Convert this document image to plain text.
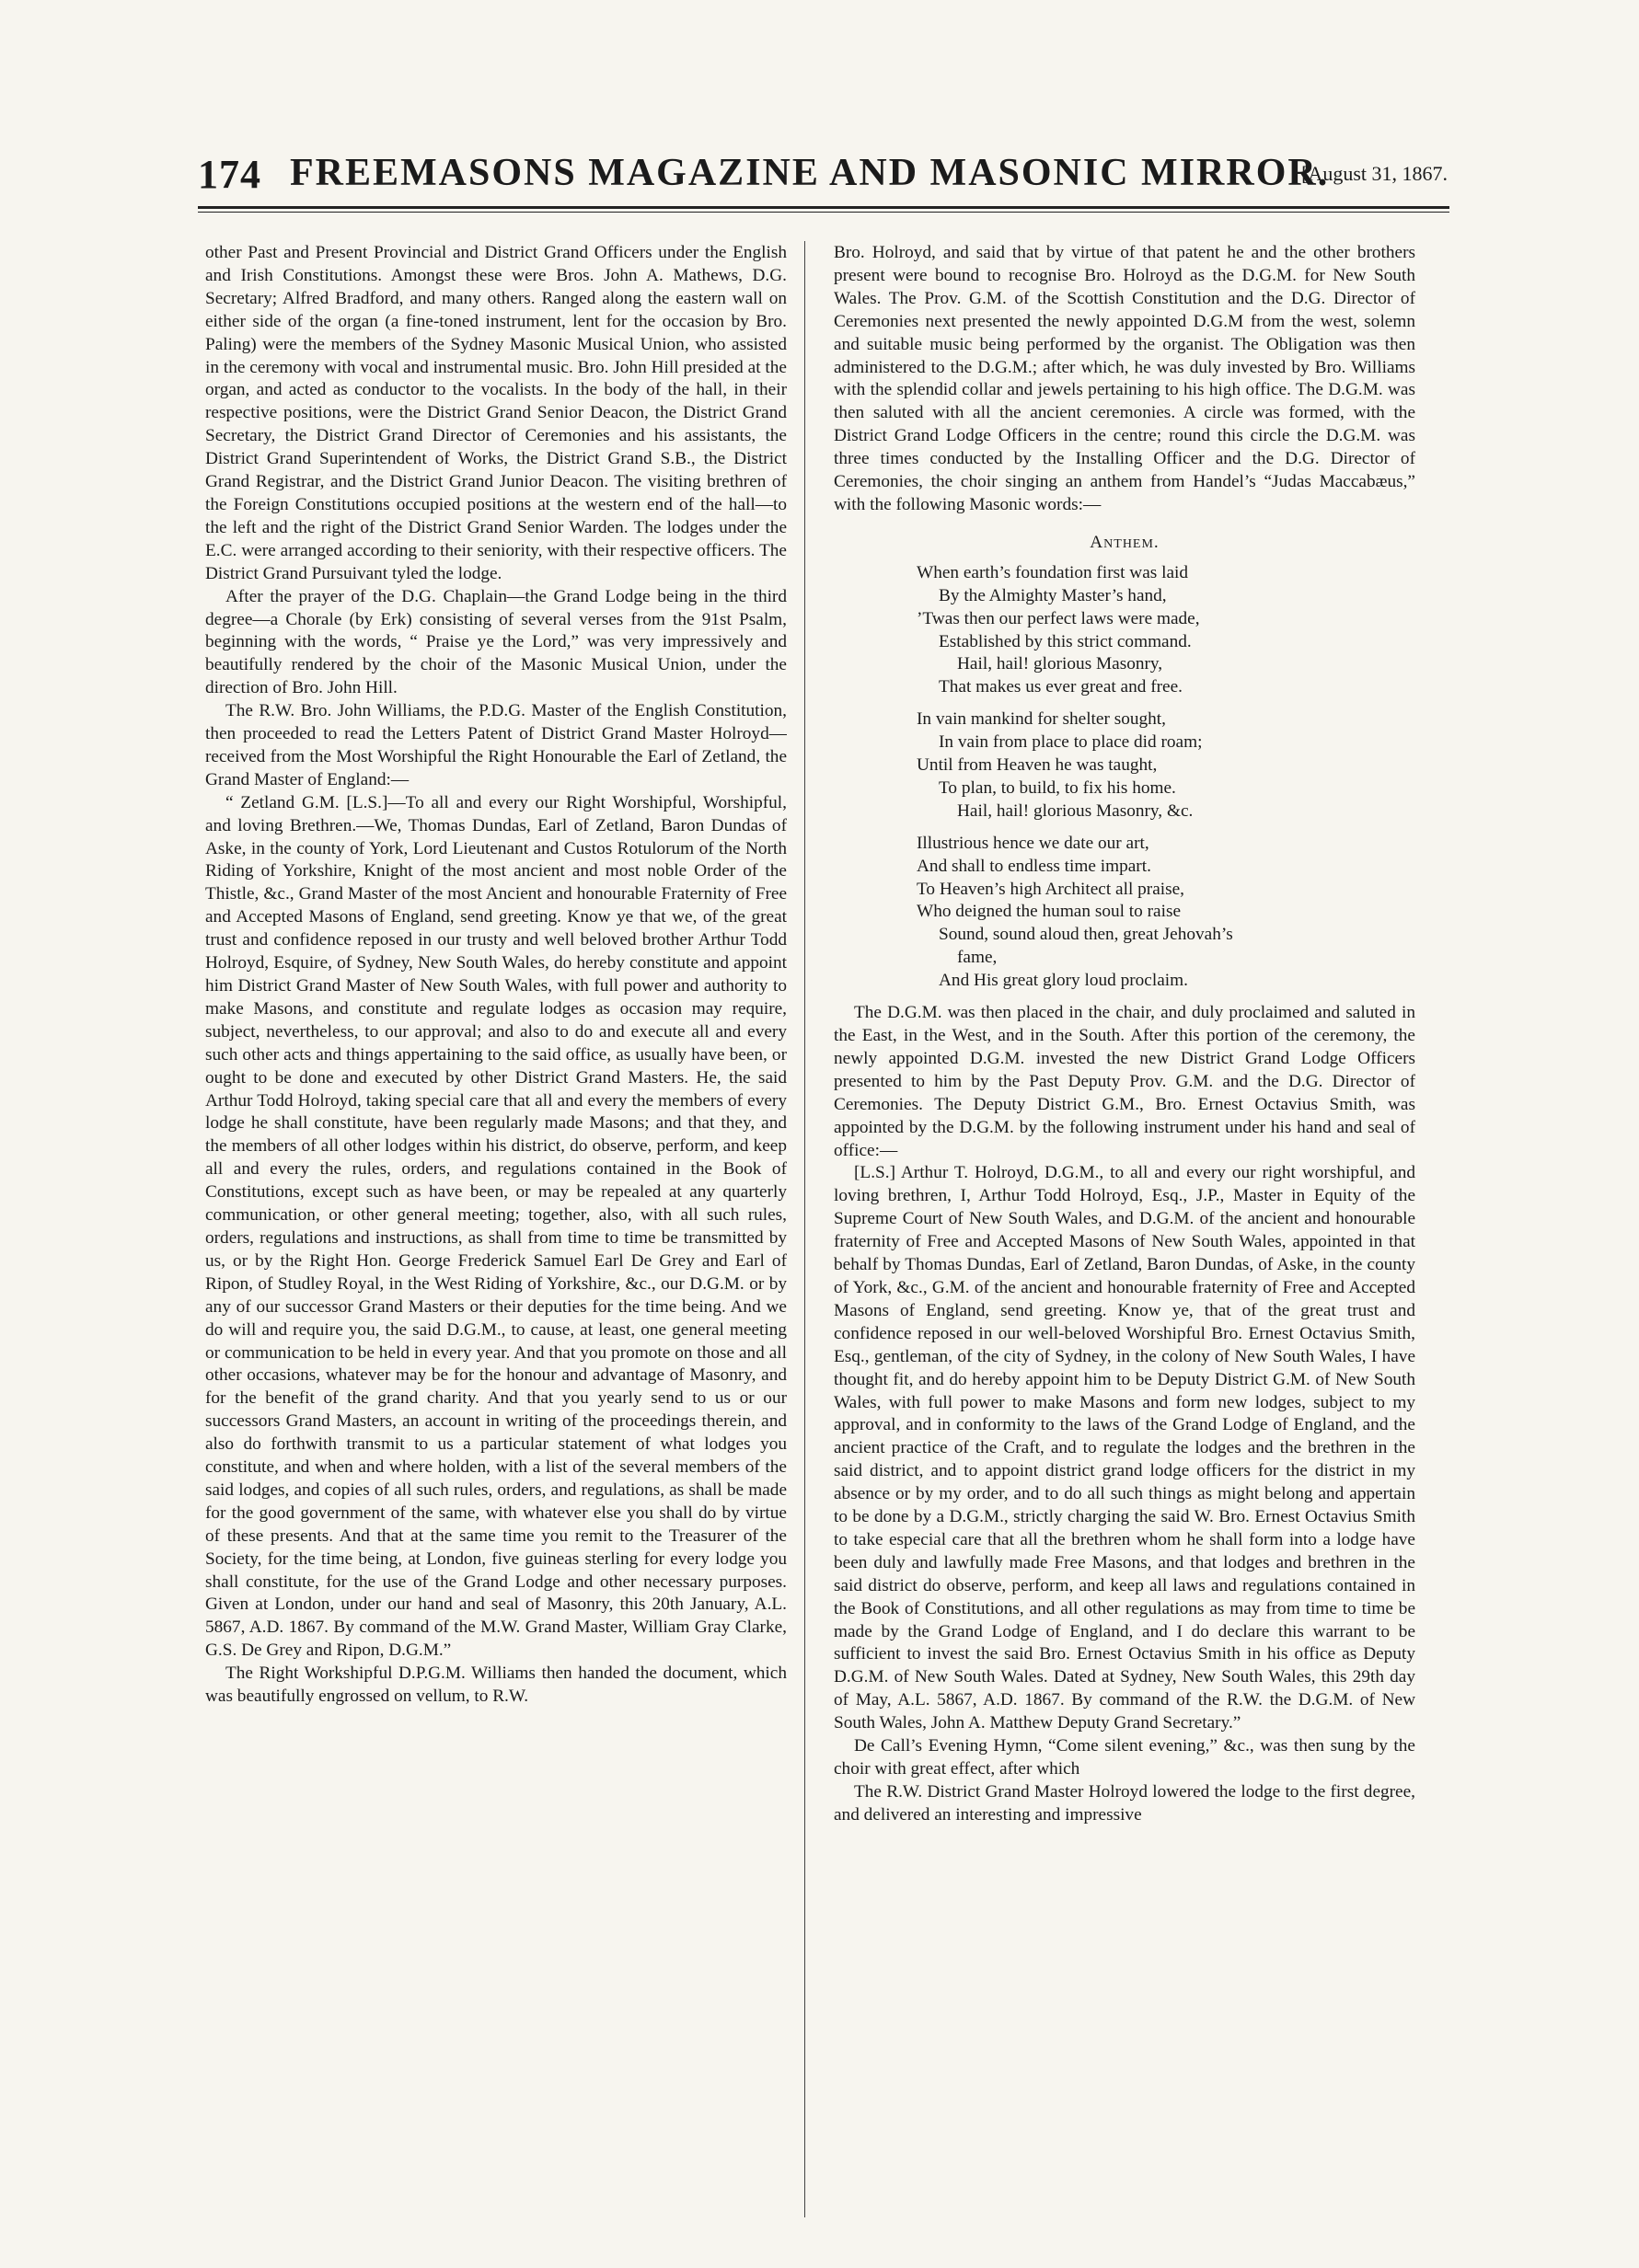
174 FREEMASONS MAGAZINE AND MASONIC MIRROR.
[August 31, 1867.

other Past and Present Provincial and District Grand Officers under the English and Irish Constitutions. Amongst these were Bros. John A. Mathews, D.G. Secretary; Alfred Bradford, and many others. Ranged along the eastern wall on either side of the organ (a fine-toned instrument, lent for the occasion by Bro. Paling) were the members of the Sydney Masonic Musical Union, who assisted in the ceremony with vocal and instrumental music. Bro. John Hill presided at the organ, and acted as conductor to the vocalists. In the body of the hall, in their respective positions, were the District Grand Senior Deacon, the District Grand Secretary, the District Grand Director of Ceremonies and his assistants, the District Grand Superintendent of Works, the District Grand S.B., the District Grand Registrar, and the District Grand Junior Deacon. The visiting brethren of the Foreign Constitutions occupied positions at the western end of the hall—to the left and the right of the District Grand Senior Warden. The lodges under the E.C. were arranged according to their seniority, with their respective officers. The District Grand Pursuivant tyled the lodge.

After the prayer of the D.G. Chaplain—the Grand Lodge being in the third degree—a Chorale (by Erk) consisting of several verses from the 91st Psalm, beginning with the words, “ Praise ye the Lord,” was very impressively and beautifully rendered by the choir of the Masonic Musical Union, under the direction of Bro. John Hill.

The R.W. Bro. John Williams, the P.D.G. Master of the English Constitution, then proceeded to read the Letters Patent of District Grand Master Holroyd—received from the Most Worshipful the Right Honourable the Earl of Zetland, the Grand Master of England:—

“ Zetland G.M. [L.S.]—To all and every our Right Worshipful, Worshipful, and loving Brethren.—We, Thomas Dundas, Earl of Zetland, Baron Dundas of Aske, in the county of York, Lord Lieutenant and Custos Rotulorum of the North Riding of Yorkshire, Knight of the most ancient and most noble Order of the Thistle, &c., Grand Master of the most Ancient and honourable Fraternity of Free and Accepted Masons of England, send greeting. Know ye that we, of the great trust and confidence reposed in our trusty and well beloved brother Arthur Todd Holroyd, Esquire, of Sydney, New South Wales, do hereby constitute and appoint him District Grand Master of New South Wales, with full power and authority to make Masons, and constitute and regulate lodges as occasion may require, subject, nevertheless, to our approval; and also to do and execute all and every such other acts and things appertaining to the said office, as usually have been, or ought to be done and executed by other District Grand Masters. He, the said Arthur Todd Holroyd, taking special care that all and every the members of every lodge he shall constitute, have been regularly made Masons; and that they, and the members of all other lodges within his district, do observe, perform, and keep all and every the rules, orders, and regulations contained in the Book of Constitutions, except such as have been, or may be repealed at any quarterly communication, or other general meeting; together, also, with all such rules, orders, regulations and instructions, as shall from time to time be transmitted by us, or by the Right Hon. George Frederick Samuel Earl De Grey and Earl of Ripon, of Studley Royal, in the West Riding of Yorkshire, &c., our D.G.M. or by any of our successor Grand Masters or their deputies for the time being. And we do will and require you, the said D.G.M., to cause, at least, one general meeting or communication to be held in every year. And that you promote on those and all other occasions, whatever may be for the honour and advantage of Masonry, and for the benefit of the grand charity. And that you yearly send to us or our successors Grand Masters, an account in writing of the proceedings therein, and also do forthwith transmit to us a particular statement of what lodges you constitute, and when and where holden, with a list of the several members of the said lodges, and copies of all such rules, orders, and regulations, as shall be made for the good government of the same, with whatever else you shall do by virtue of these presents. And that at the same time you remit to the Treasurer of the Society, for the time being, at London, five guineas sterling for every lodge you shall constitute, for the use of the Grand Lodge and other necessary purposes. Given at London, under our hand and seal of Masonry, this 20th January, A.L. 5867, A.D. 1867. By command of the M.W. Grand Master, William Gray Clarke, G.S. De Grey and Ripon, D.G.M.”

The Right Workshipful D.P.G.M. Williams then handed the document, which was beautifully engrossed on vellum, to R.W.

Bro. Holroyd, and said that by virtue of that patent he and the other brothers present were bound to recognise Bro. Holroyd as the D.G.M. for New South Wales. The Prov. G.M. of the Scottish Constitution and the D.G. Director of Ceremonies next presented the newly appointed D.G.M from the west, solemn and suitable music being performed by the organist. The Obligation was then administered to the D.G.M.; after which, he was duly invested by Bro. Williams with the splendid collar and jewels pertaining to his high office. The D.G.M. was then saluted with all the ancient ceremonies. A circle was formed, with the District Grand Lodge Officers in the centre; round this circle the D.G.M. was three times conducted by the Installing Officer and the D.G. Director of Ceremonies, the choir singing an anthem from Handel’s “Judas Maccabæus,” with the following Masonic words:—

Anthem.
When earth’s foundation first was laid
By the Almighty Master’s hand,
’Twas then our perfect laws were made,
Established by this strict command.
Hail, hail! glorious Masonry,
That makes us ever great and free.
In vain mankind for shelter sought,
In vain from place to place did roam;
Until from Heaven he was taught,
To plan, to build, to fix his home.
Hail, hail! glorious Masonry, &c.
Illustrious hence we date our art,
And shall to endless time impart.
To Heaven’s high Architect all praise,
Who deigned the human soul to raise
Sound, sound aloud then, great Jehovah’s
fame,
And His great glory loud proclaim.

The D.G.M. was then placed in the chair, and duly proclaimed and saluted in the East, in the West, and in the South. After this portion of the ceremony, the newly appointed D.G.M. invested the new District Grand Lodge Officers presented to him by the Past Deputy Prov. G.M. and the D.G. Director of Ceremonies. The Deputy District G.M., Bro. Ernest Octavius Smith, was appointed by the D.G.M. by the following instrument under his hand and seal of office:—

[L.S.] Arthur T. Holroyd, D.G.M., to all and every our right worshipful, and loving brethren, I, Arthur Todd Holroyd, Esq., J.P., Master in Equity of the Supreme Court of New South Wales, and D.G.M. of the ancient and honourable fraternity of Free and Accepted Masons of New South Wales, appointed in that behalf by Thomas Dundas, Earl of Zetland, Baron Dundas, of Aske, in the county of York, &c., G.M. of the ancient and honourable fraternity of Free and Accepted Masons of England, send greeting. Know ye, that of the great trust and confidence reposed in our well-beloved Worshipful Bro. Ernest Octavius Smith, Esq., gentleman, of the city of Sydney, in the colony of New South Wales, I have thought fit, and do hereby appoint him to be Deputy District G.M. of New South Wales, with full power to make Masons and form new lodges, subject to my approval, and in conformity to the laws of the Grand Lodge of England, and the ancient practice of the Craft, and to regulate the lodges and the brethren in the said district, and to appoint district grand lodge officers for the district in my absence or by my order, and to do all such things as might belong and appertain to be done by a D.G.M., strictly charging the said W. Bro. Ernest Octavius Smith to take especial care that all the brethren whom he shall form into a lodge have been duly and lawfully made Free Masons, and that lodges and brethren in the said district do observe, perform, and keep all laws and regulations contained in the Book of Constitutions, and all other regulations as may from time to time be made by the Grand Lodge of England, and I do declare this warrant to be sufficient to invest the said Bro. Ernest Octavius Smith in his office as Deputy D.G.M. of New South Wales. Dated at Sydney, New South Wales, this 29th day of May, A.L. 5867, A.D. 1867. By command of the R.W. the D.G.M. of New South Wales, John A. Matthew Deputy Grand Secretary.”

De Call’s Evening Hymn, “Come silent evening,” &c., was then sung by the choir with great effect, after which

The R.W. District Grand Master Holroyd lowered the lodge to the first degree, and delivered an interesting and impressive
